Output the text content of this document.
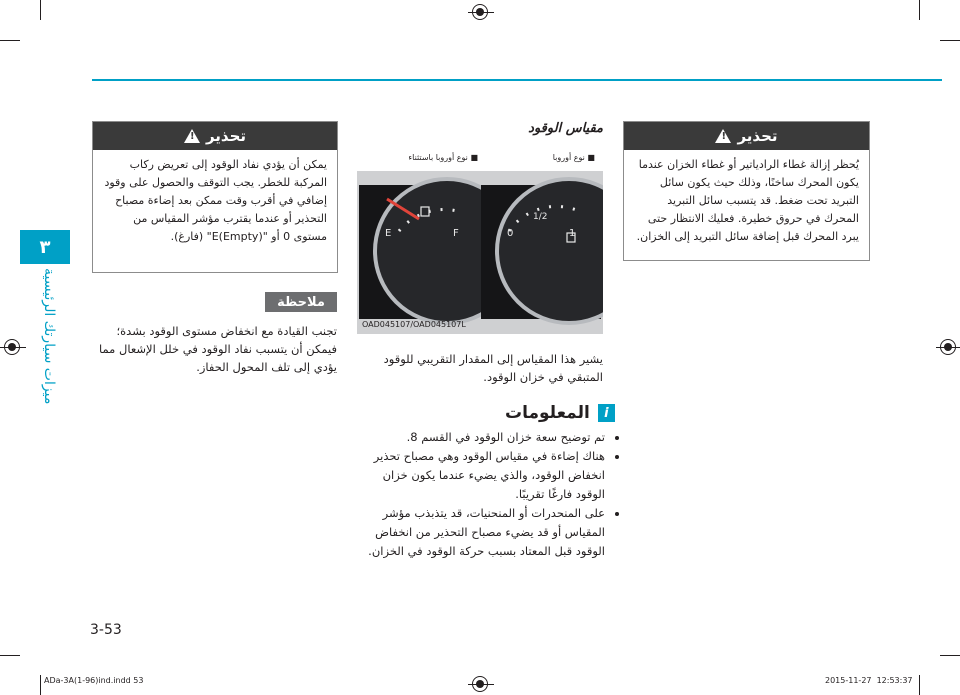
٣
ميزات سيارتك الرئيسية
تحذير
!
يمكن أن يؤدي نفاد الوقود إلى تعريض ركاب المركبة للخطر. يجب التوقف والحصول على وقود إضافي في أقرب وقت ممكن بعد إضاءة مصباح التحذير أو عندما يقترب مؤشر المقياس من مستوى 0 أو "(Empty)E" (فارغ).
ملاحظة
تجنب القيادة مع انخفاض مستوى الوقود بشدة؛ فيمكن أن يتسبب نفاد الوقود في خلل الإشعال مما يؤدي إلى تلف المحول الحفاز.
مقياس الوقود
■ نوع أوروبا باستثناء	■ نوع أوروبا
E	F	0	1
1/2
OAD045107/OAD045107L
يشير هذا المقياس إلى المقدار التقريبي للوقود المتبقي في خزان الوقود.
i
المعلومات
• تم توضيح سعة خزان الوقود في القسم 8.
• هناك إضاءة في مقياس الوقود وهي مصباح تحذير انخفاض الوقود، والذي يضيء عندما يكون خزان الوقود فارغًا تقريبًا.
• على المنحدرات أو المنحنيات، قد يتذبذب مؤشر المقياس أو قد يضيء مصباح التحذير من انخفاض الوقود قبل المعتاد بسبب حركة الوقود في الخزان.
تحذير
!
يُحظر إزالة غطاء الرادياتير أو غطاء الخزان عندما يكون المحرك ساخنًا، وذلك حيث يكون سائل التبريد تحت ضغط. قد يتسبب سائل التبريد المحرك في حروق خطيرة. فعليك الانتظار حتى يبرد المحرك قبل إضافة سائل التبريد إلى الخزان.
3-53
ADa-3A(1-96)ind.indd 53	2015-11-27 ﻿ 12:53:37
